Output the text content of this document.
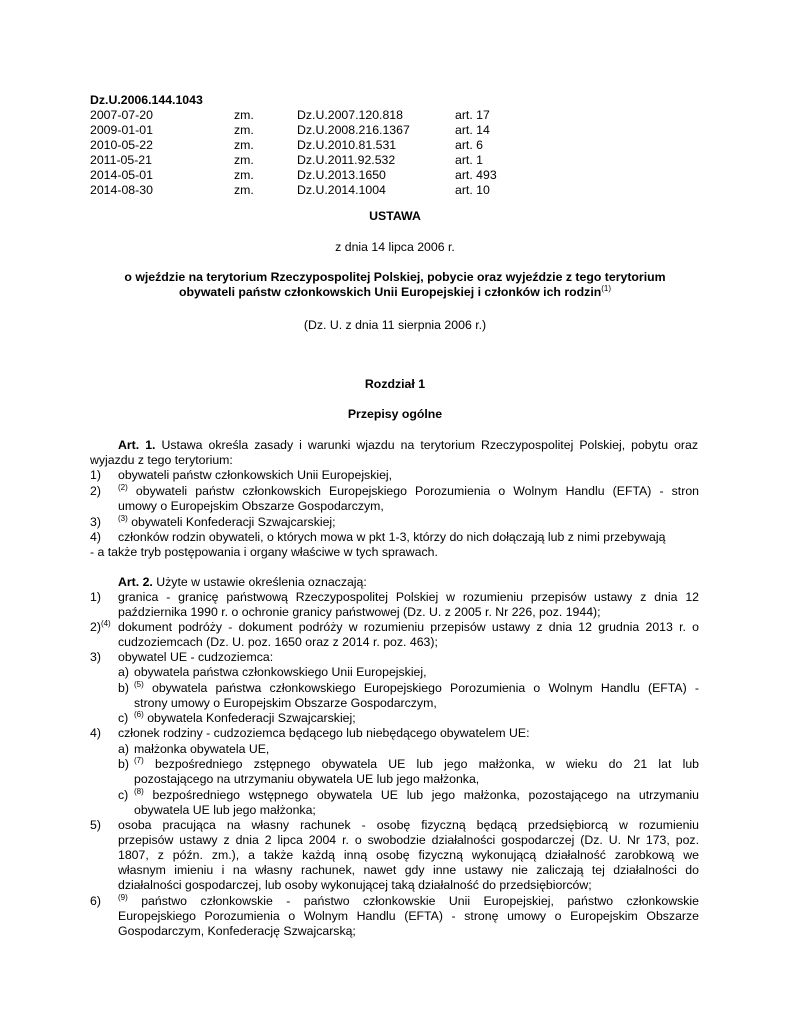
Dz.U.2006.144.1043
2007-07-20	zm.	Dz.U.2007.120.818	art. 17
2009-01-01	zm.	Dz.U.2008.216.1367	art. 14
2010-05-22	zm.	Dz.U.2010.81.531	art. 6
2011-05-21	zm.	Dz.U.2011.92.532	art. 1
2014-05-01	zm.	Dz.U.2013.1650	art. 493
2014-08-30	zm.	Dz.U.2014.1004	art. 10
USTAWA
z dnia 14 lipca 2006 r.
o wjeździe na terytorium Rzeczypospolitej Polskiej, pobycie oraz wyjeździe z tego terytorium
obywateli państw członkowskich Unii Europejskiej i członków ich rodzin$^{(1)}$
(Dz. U. z dnia 11 sierpnia 2006 r.)
Rozdział 1
Przepisy ogólne
Art. 1. Ustawa określa zasady i warunki wjazdu na terytorium Rzeczypospolitej Polskiej, pobytu oraz
wyjazdu z tego terytorium:
1) obywateli państw członkowskich Unii Europejskiej,
2) $^{(2)}$ obywateli państw członkowskich Europejskiego Porozumienia o Wolnym Handlu (EFTA) - stron
umowy o Europejskim Obszarze Gospodarczym,
3) $^{(3)}$ obywateli Konfederacji Szwajcarskiej;
4) członków rodzin obywateli, o których mowa w pkt 1-3, którzy do nich dołączają lub z nimi przebywają
- a także tryb postępowania i organy właściwe w tych sprawach.
Art. 2. Użyte w ustawie określenia oznaczają:
1) granica - granicę państwową Rzeczypospolitej Polskiej w rozumieniu przepisów ustawy z dnia 12
października 1990 r. o ochronie granicy państwowej (Dz. U. z 2005 r. Nr 226, poz. 1944);
2)$^{(4)}$ dokument podróży - dokument podróży w rozumieniu przepisów ustawy z dnia 12 grudnia 2013 r. o
cudzoziemcach (Dz. U. poz. 1650 oraz z 2014 r. poz. 463);
3) obywatel UE - cudzoziemca:
a) obywatela państwa członkowskiego Unii Europejskiej,
b) $^{(5)}$ obywatela państwa członkowskiego Europejskiego Porozumienia o Wolnym Handlu (EFTA) -
strony umowy o Europejskim Obszarze Gospodarczym,
c) $^{(6)}$ obywatela Konfederacji Szwajcarskiej;
4) członek rodziny - cudzoziemca będącego lub niebędącego obywatelem UE:
a) małżonka obywatela UE,
b) $^{(7)}$ bezpośredniego zstępnego obywatela UE lub jego małżonka, w wieku do 21 lat lub
pozostającego na utrzymaniu obywatela UE lub jego małżonka,
c) $^{(8)}$ bezpośredniego wstępnego obywatela UE lub jego małżonka, pozostającego na utrzymaniu
obywatela UE lub jego małżonka;
5) osoba pracująca na własny rachunek - osobę fizyczną będącą przedsiębiorcą w rozumieniu
przepisów ustawy z dnia 2 lipca 2004 r. o swobodzie działalności gospodarczej (Dz. U. Nr 173, poz.
1807, z późn. zm.), a także każdą inną osobę fizyczną wykonującą działalność zarobkową we
własnym imieniu i na własny rachunek, nawet gdy inne ustawy nie zaliczają tej działalności do
działalności gospodarczej, lub osoby wykonującej taką działalność do przedsiębiorców;
6) $^{(9)}$ państwo członkowskie - państwo członkowskie Unii Europejskiej, państwo członkowskie
Europejskiego Porozumienia o Wolnym Handlu (EFTA) - stronę umowy o Europejskim Obszarze
Gospodarczym, Konfederację Szwajcarską;
